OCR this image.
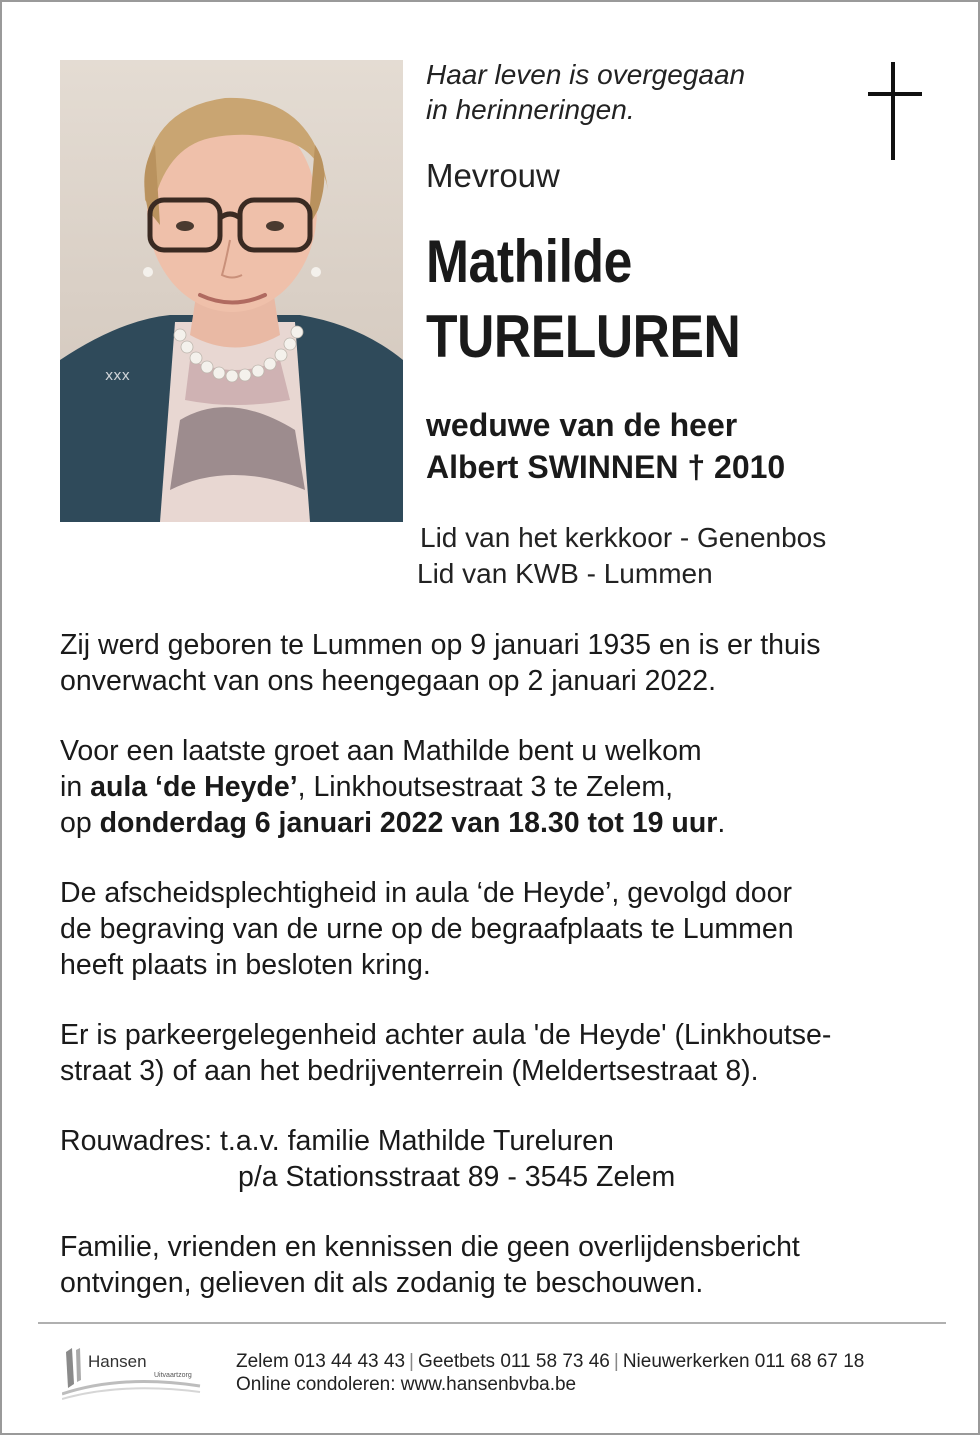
xxx
Haar leven is overgegaan
in herinneringen.
Mevrouw
Mathilde
TURELUREN
weduwe van de heer
Albert SWINNEN † 2010
Lid van het kerkkoor - Genenbos
Lid van KWB - Lummen
Zij werd geboren te Lummen op 9 januari 1935 en is er thuis
onverwacht van ons heengegaan op 2 januari 2022.
Voor een laatste groet aan Mathilde bent u welkom
in aula ‘de Heyde’, Linkhoutsestraat 3 te Zelem,
op donderdag 6 januari 2022 van 18.30 tot 19 uur.
De afscheidsplechtigheid in aula ‘de Heyde’, gevolgd door
de begraving van de urne op de begraafplaats te Lummen
heeft plaats in besloten kring.
Er is parkeergelegenheid achter aula 'de Heyde' (Linkhoutse-
straat 3) of aan het bedrijventerrein (Meldertsestraat 8).
Rouwadres: t.a.v. familie Mathilde Tureluren
p/a Stationsstraat 89 - 3545 Zelem
Familie, vrienden en kennissen die geen overlijdensbericht
ontvingen, gelieven dit als zodanig te beschouwen.
Hansen
Uitvaartzorg
Zelem 013 44 43 43 | Geetbets 011 58 73 46 | Nieuwerkerken 011 68 67 18
Online condoleren: www.hansenbvba.be
